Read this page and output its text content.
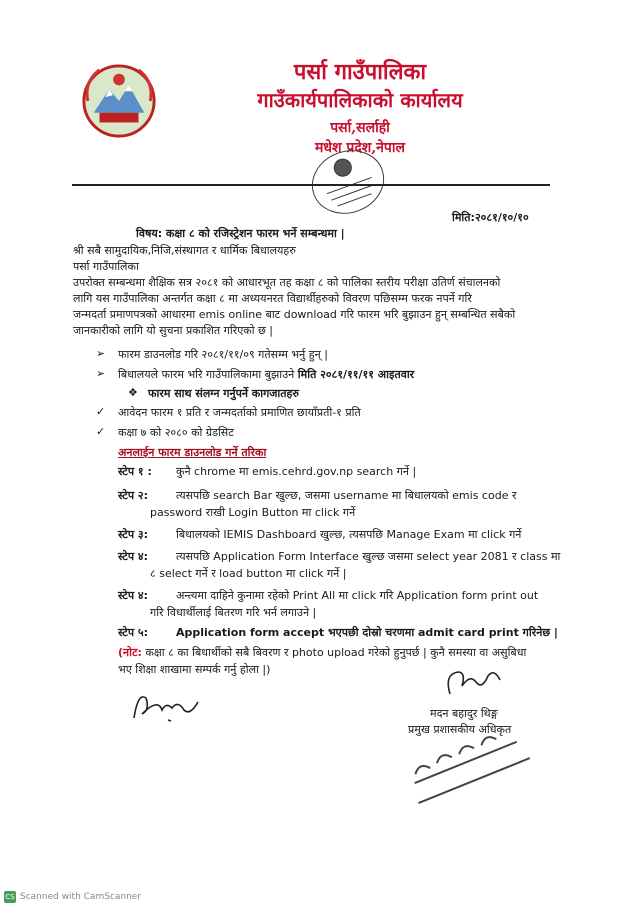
पर्सा गाउँपालिका
गाउँकार्यपालिकाको कार्यालय
पर्सा,सर्लाही
मधेश प्रदेश,नेपाल
मिति:२०८१/१०/१०
विषय: कक्षा ८ को रजिस्ट्रेशन फारम भर्ने सम्बन्धमा |
श्री सबै सामुदायिक,निजि,संस्थागत र धार्मिक बिधालयहरु
पर्सा गाउँपालिका
उपरोक्त सम्बन्धमा शैक्षिक सत्र २०८१ को आधारभूत तह कक्षा ८ को पालिका स्तरीय परीक्षा उतिर्ण संचालनको
लागि यस गाउँपालिका अन्तर्गत कक्षा ८ मा अध्ययनरत विद्यार्थीहरुको विवरण पछिसम्म फरक नपर्ने गरि
जन्मदर्ता प्रमाणपत्रको आधारमा emis online बाट download गरि फारम भरि बुझाउन हुन् सम्बन्धित सबैको
जानकारीको लागि यो सुचना प्रकाशित गरिएको छ |
➢ फारम डाउनलोड गरि २०८१/११/०९ गतेसम्म भर्नु हुन् |
➢ बिधालयले फारम भरि गाउँपालिकामा बुझाउने मिति २०८१/११/११ आइतवार
❖ फारम साथ संलग्न गर्नुपर्ने कागजातहरु
✓ आवेदन फारम १ प्रति र जन्मदर्ताको प्रमाणित छायाँप्रती-१ प्रति
✓ कक्षा ७ को २०८० को ग्रेडसिट
अनलाईन फारम डाउनलोड गर्ने तरिका
स्टेप १ : कुनै chrome मा emis.cehrd.gov.np search गर्ने |
स्टेप २:	त्यसपछि search Bar खुल्छ, जसमा username मा बिधालयको emis code र
password राखी Login Button मा click गर्ने
स्टेप ३:	बिधालयको IEMIS Dashboard खुल्छ, त्यसपछि Manage Exam मा click गर्ने
स्टेप ४:	त्यसपछि Application Form Interface खुल्छ जसमा select year 2081 र class मा
८ select गर्ने र load button मा click गर्ने |
स्टेप ४:	अन्त्यमा दाहिने कुनामा रहेको Print All मा click गरि Application form print out
गरि विधार्थीलाई बितरण गरि भर्न लगाउने |
स्टेप ५:	Application form accept भएपछी दोस्रो चरणमा admit card print गरिनेछ |
(नोट: कक्षा ८ का बिधार्थीको सबै बिवरण र photo upload गरेको हुनुपर्छ | कुनै समस्या वा असुबिधा
भए शिक्षा शाखामा सम्पर्क गर्नु होला |)
मदन बहादुर थिङ्ग
प्रमुख प्रशासकीय अधिकृत
CS Scanned with CamScanner
